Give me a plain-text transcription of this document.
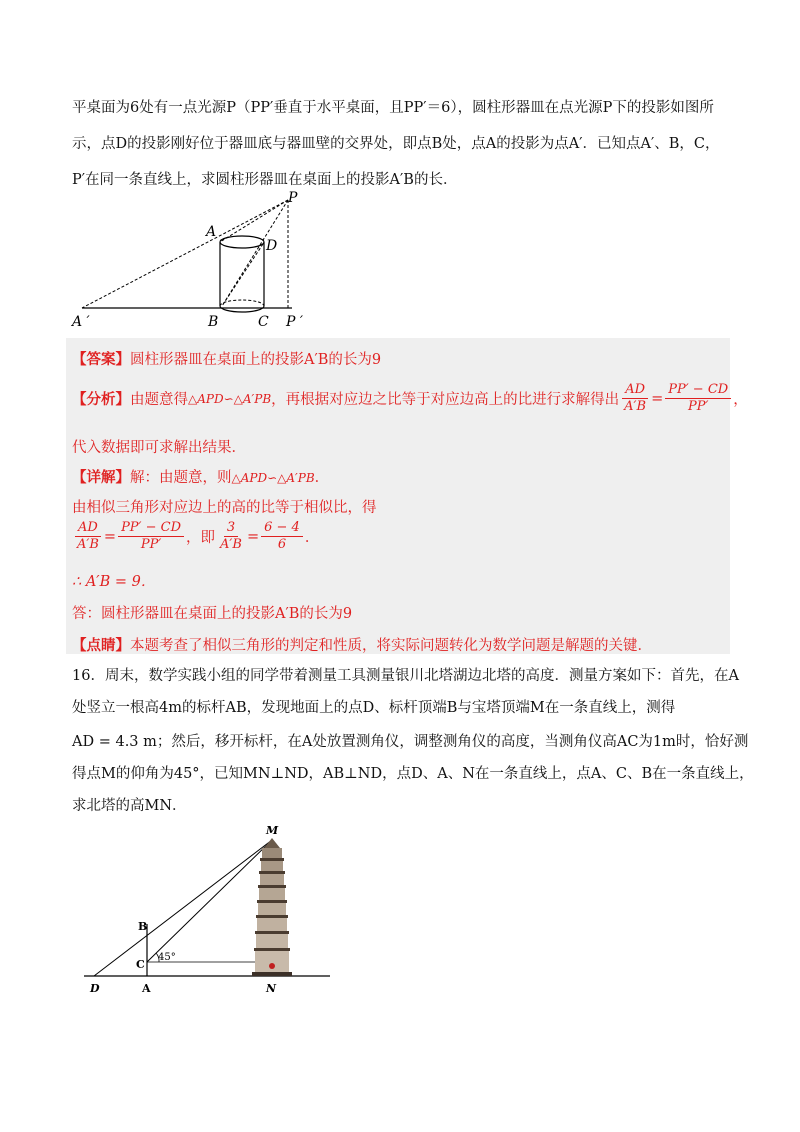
平桌面为6处有一点光源P（PP′垂直于水平桌面，且PP′＝6），圆柱形器皿在点光源P下的投影如图所
示，点D的投影刚好位于器皿底与器皿壁的交界处，即点B处，点A的投影为点A′．已知点A′、B，C，
P′在同一条直线上，求圆柱形器皿在桌面上的投影A′B的长．
P
A
D
A ′	B	C P ′
【答案】圆柱形器皿在桌面上的投影A′B的长为9
【分析】 由题意得 △APD∽△A′PB ，再根据对应边之比等于对应边高上的比进行求解得出 $\frac{AD}{A'B} = \frac{PP' - CD}{PP'}$ ，
代入数据即可求解出结果．
【详解】解：由题意，则△APD∽△A′PB．
由相似三角形对应边上的高的比等于相似比，得
$\frac{AD}{A'B} = \frac{PP' - CD}{PP'}$ ，即 $\frac{3}{A'B} = \frac{6 - 4}{6}$ ．
∴ A′B = 9．
答：圆柱形器皿在桌面上的投影A′B的长为9
【点睛】本题考查了相似三角形的判定和性质，将实际问题转化为数学问题是解题的关键．
16．周末，数学实践小组的同学带着测量工具测量银川北塔湖边北塔的高度．测量方案如下：首先，在A
处竖立一根高4m的标杆AB，发现地面上的点D、标杆顶端B与宝塔顶端M在一条直线上，测得
AD = 4.3 m；然后，移开标杆，在A处放置测角仪，调整测角仪的高度，当测角仪高AC为1m时，恰好测
得点M的仰角为45°，已知MN⊥ND，AB⊥ND，点D、A、N在一条直线上，点A、C、B在一条直线上，
求北塔的高MN．
M
B
C
45°
D	A	N
